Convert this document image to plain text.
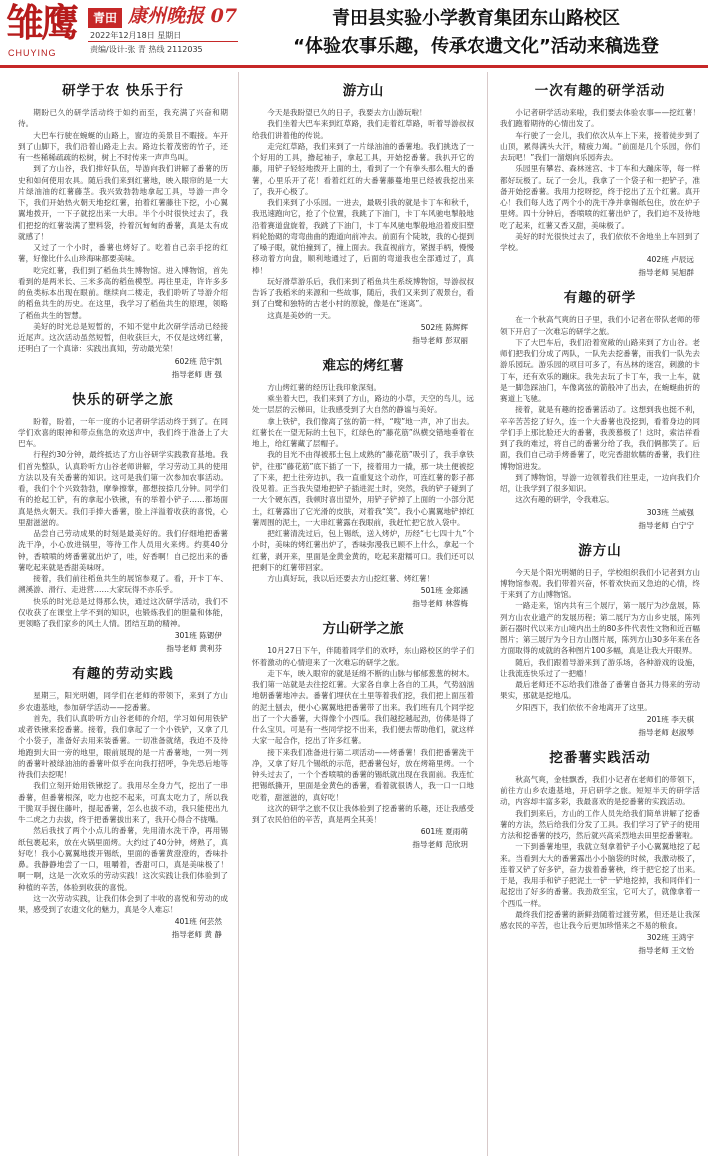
雏鹰
CHUYING
青田 康州晚报 07
2022年12月18日 星期日
责编/设计:张 青 热线 2112035
青田县实验小学教育集团东山路校区
“体验农事乐趣，传承农遗文化”活动来稿选登
研学于农 快乐于行

期盼已久的研学活动终于如约而至，我充满了兴奋和期待。

大巴车行驶在蜿蜒的山路上，窗边的美景目不暇接。车开到了山脚下，我们沿着山路走上去。路边长着茂密的竹子，还有一些稀稀疏疏的松树，树上不时传来一声声鸟叫。

到了方山谷，我们排好队伍，导游向我们讲解了番薯的历史和如何使用农具。随后我们来到红薯地，映入眼帘的是一大片绿油油的红薯藤茎。我兴致勃勃地拿起工具，导游一声令下，我们开始热火朝天地挖红薯，拍着红薯藤往下挖，小心翼翼地拨开，一下子就挖出来一大串。半个小时很快过去了，我们把挖的红薯装满了塑料袋，拎着沉甸甸的番薯，真是太有成就感了！

又过了一个小时，番薯也烤好了。吃着自己亲手挖的红薯，好像比什么山珍海味都要美味。

吃完红薯，我们到了稻鱼共生博物馆。进入博物馆，首先看到的是两米长、三米多高的稻鱼模型。再往里走，许许多多的鱼类标本出现在眼前。继续向二楼走，我们聆听了导游介绍的稻鱼共生的历史。在这里，我学习了稻鱼共生的原理，领略了稻鱼共生的智慧。

美好的时光总是短暂的，不知不觉中此次研学活动已经接近尾声。这次活动虽然短暂，但收获巨大，不仅是这烤红薯，还明白了一个真谛：实践出真知，劳动最光荣！

602班 范宇凯
指导老师 唐 强
快乐的研学之旅

盼着，盼着，一年一度的小记者研学活动终于到了。在同学们欢喜的眼神和带点焦急的欢送声中，我们终于准备上了大巴车。

行程约30分钟，最终抵达了方山谷研学实践教育基地。我们首先整队，认真聆听方山谷老师讲解，学习劳动工具的使用方法以及有关番薯的知识。这可是我们第一次参加农事活动。看，我们个个兴致勃勃，摩拳擦掌，都想按捺几分钟。同学们有的抢起工铲，有的拿起小铁锹，有的举着小铲子……都场面真是热火朝天。我们手捧大番薯，脸上洋溢着收获的喜悦，心里甜滋滋的。

品尝自己劳动成果的时刻是最美好的。我们仔细地把番薯洗干净，小心放进锅里，等待工作人员用火来烤。约莫40分钟，香喷喷的烤番薯就出炉了，哇，好香啊！自己挖出来的番薯吃起来就是香甜美味呀。

接着，我们前往稻鱼共生的展馆参观了。看，开卡丁车、溯溪游、滑行、走进营……大家玩得不亦乐乎。

快乐的时光总是过得那么快，通过这次研学活动，我们不仅收获了在课堂上学不到的知识，也锻炼我们的胆量和体能，更领略了我们家乡的风土人情。团结互助的精神。

301班 陈锶伊
指导老师 黄利芬
有趣的劳动实践

星期三，阳光明媚，同学们在老师的带领下，来到了方山乡农遗基地，参加研学活动——挖番薯。

首先，我们认真聆听方山谷老师的介绍，学习如何用铁铲或者铁锹来挖番薯。接着，我们拿起了一个小铁铲，又拿了几个小袋子，准备好去用来装番薯。一切准备就绪，我迫不及待地跑到大田一旁的地里，眼前展现的是一片番薯地，一列一列的番薯叶被绿油油的番薯叶似乎在向我打招呼，争先恐后地等待我们去挖呢！

我们立刻开始用铁锹挖了。我用尽全身力气，挖出了一串番薯，但番薯根深，吃力也挖不起来，可真太吃力了，所以我干脆双手握住藤叶，提起番薯，怎么也拔不动，我只能使出九牛二虎之力去拔，终于把番薯拔出来了，我开心得合不拢嘴。

然后我找了两个小点儿的番薯，先用清水洗干净，再用锡纸包裹起来，放在火锅里面烤。大约过了40分钟，烤熟了，真好吃！我小心翼翼地拨开锡纸，里面的番薯黄澄澄的，香味扑鼻。我静静地尝了一口，咀嚼着，香甜可口，真是美味极了！啊一啊，这是一次欢乐的劳动实践！这次实践让我们体验到了种植的辛苦，体验到收获的喜悦。

这一次劳动实践，让我们体会到了丰收的喜悦和劳动的成果，感受到了农遗文化的魅力，真是令人难忘！

401班 何芸然
指导老师 黄 静
游方山

今天是我盼望已久的日子，我要去方山游玩啦！

我们坐着大巴车来到红草路，我们走着红草路，听着导游叔叔给我们讲着他的传说。

走完红草路，我们来到了一片绿油油的番薯地。我们挑选了一个好用的工具，撸起袖子，拿起工具，开始挖番薯。我扒开它的藤，用铲子轻轻地拨开上面的土，看到了一个有拳头那么粗大的番薯，心里乐开了花！看着红红的大番薯藤蔓地里已经被我挖出来了，我开心极了。

我们来到了小乐园。一进去，最吸引我的就是卡丁车和秋千，我迅速跑向它，抢了个位置，我跳了下油门，卡丁车风驰电掣般地沿着赛道盘旋着，我跳了下油门，卡丁车风驰电掣般地沿着废旧塑料轮胎砌的弯弯曲曲的跑道向前冲去。前面有个陡坡，我的心提到了嗓子眼，就怕撞到了，撞上面去。我直视前方，紧握手柄，慢慢移动着方向盘，顺利地通过了，后面的弯道我也全部通过了，真棒！

玩好滑草游乐后，我们来到了稻鱼共生系统博物馆，导游叔叔告诉了我稻米的来源和一些故事，随后，我们又来到了观景台，看到了白鹭和独特的古老小村的原貌，像是在“迷离”。

这真是美妙的一天。

502班 陈辉辉
指导老师 彭双丽
难忘的烤红薯

方山烤红薯的经历让我印象深刻。

乘坐着大巴，我们来到了方山，路边的小草，天空的鸟儿，远处一层层的云梯田，让我感受到了大自然的静谧与美好。

拿上铁铲，我们像离了弦的箭一样，“嗖”地一声，冲了出去。红薯长在一望无际的土包下，红绿色的“藤花筋”纵横交错地垂着在地上，给红薯藏了层帽子。

我的目光不由得被那土包上成熟的“藤花筋”吸引了，我手拿铁铲，往那“藤花筋”底下插了一下，接着用力一撬，那一块土便被挖了下来，把土往旁边扒，我一直重复这个动作，可连红薯的影子都没见着。正当我失望地把铲子插进泥土时，突然，我的铲子碰到了一大个硬东西，我顿时喜出望外，用铲子铲掉了上面的一小部分泥土，红薯露出了它光滑的皮肤，对着我“笑”。我小心翼翼地铲掉红薯周围的泥土，一大串红薯露在我眼前，我赶忙把它放入袋中。

把红薯清洗过后，包上锡纸，送入烤炉，历经“七七四十九”个小时，美味的烤红薯出炉了，香味弥漫我已顾不上什么，拿起一个红薯，剥开来，里面是金黄金黄的，吃起来甜糯可口。我们还可以把剩下的红薯带回家。

方山真好玩，我以后还要去方山挖红薯、烤红薯！

501班 金郑涵
指导老师 林蓉梅
方山研学之旅

10月27日下午，伴随着同学们的欢呼，东山路校区的学子们怀着激动的心情迎来了一次难忘的研学之旅。

走下车，映入眼帘的就是延绵不断的山脉与郁郁葱葱的树木。我们第一站就是去往挖红薯。大家各自拿上各自的工具，气势汹汹地朝番薯地冲去。番薯们埋伏在土里等着我们挖，我们把上面压着的泥土刨去，便小心翼翼地把番薯带了出来。我们班有几个同学挖出了一个大番薯，大得像个小西瓜。我们越挖越起劲，仿佛是得了什么宝贝。可是有一些同学挖不出来，我们便去帮助他们，就这样大家一起合作，挖出了许多红薯。

接下来我们准备进行第二项活动——烤番薯！我们把番薯洗干净，又拿了好几个锡纸的示范，把番薯包好，放在烤箱里烤。一个钟头过去了，一个个香喷喷的番薯的锡纸就出现在我面前。我连忙把锡纸撕开，里面是金黄色的番薯，看着就很诱人，我一口一口地吃着，甜滋滋的，真好吃！

这次的研学之旅不仅让我体验到了挖番薯的乐趣，还让我感受到了农民伯伯的辛苦，真是两全其美！

601班 夏雨萌
指导老师 范欣玥
一次有趣的研学活动

小记者研学活动来啦，我们要去体验农事——挖红薯！我们跑着期待的心情出发了。

车行驶了一会儿，我们依次从车上下来，接着徒步到了山顶，累得满头大汗，精疲力竭。“前面是几个乐园，你们去玩吧！”我们一溜烟向乐园奔去。

乐园里有攀岩、森林迷宫、卡丁车和大蹦床等，每一样都好玩极了。玩了一会儿，我拿了一个袋子和一把铲子，准备开始挖番薯。我用力挖呀挖，终于挖出了五个红薯。真开心！我们每人选了两个小的洗干净并拿锡纸包住，放在炉子里烤。四十分钟后，香喷喷的红薯出炉了，我们迫不及待地吃了起来，红薯又香又甜，美味极了。

美好的时光很快过去了，我们依依不舍地坐上车回到了学校。

402班 卢辰远
指导老师 吴旭群
有趣的研学

在一个秋高气爽的日子里，我们小记者在带队老师的带领下开启了一次难忘的研学之旅。

下了大巴车后，我们沿着宽敞的山路来到了方山谷。老师们把我们分成了两队，一队先去挖番薯，而我们一队先去游乐园玩。游乐园的项目可多了，有丛林的迷宫，刺激的卡丁车，还有欢乐的蹦床。我先去玩了卡丁车，我一上车，就是一脚急踩油门，车像离弦的箭般冲了出去，在蜿蜒曲折的赛道上飞驰。

接着，就是有趣的挖番薯活动了。这想到我也挺不利，辛辛苦苦挖了好久，连一个大番薯也没挖到，看着身边的同学们手上那比脸还大的番薯，我羡慕极了！这时，索洁祥看到了我的难过，将自己的番薯分给了我，我们俩都笑了。后面，我们自己动手烤番薯了，吃完香甜软糯的番薯，我们往博物馆进发。

到了博物馆，导游一边领着我们往里走，一边向我们介绍，让我学到了很多知识。

这次有趣的研学，令我难忘。

303班 兰威强
指导老师 白宁宁
游方山

今天是个阳光明媚的日子，学校组织我们小记者到方山博物馆参观。我们带着兴奋，怀着欢快而又急迫的心情，终于来到了方山博物馆。

一路走来，馆内共有三个展厅，第一展厅为沙盘展，陈列方山农业遗产的发展历程；第二展厅为方山乡史展，陈列新石器时代以来方山境内出土的80多件代表性文物和近百幅图片；第三展厅为今日方山图片展，陈列方山30多年来在各方面取得的成就的各种图片100多幅，真是让我大开眼界。

随后，我们跟着导游来到了游乐场，各种游戏的设施，让我流连快乐过了一把瘾！

最后老师还不忘给我们准备了番薯自备其力得来的劳动果实，那就是挖地瓜。

夕阳西下，我们依依不舍地离开了这里。

201班 李天棋
指导老师 赵淑琴
挖番薯实践活动

秋高气爽，金桂飘香，我们小记者在老师们的带领下，前往方山乡农遗基地，开启研学之旅。短短半天的研学活动，内容却丰富多彩，我最喜欢的是挖番薯的实践活动。

我们到来后，方山的工作人员先给我们简单讲解了挖番薯的方法，然后给我们分发了工具。我们学习了铲子的使用方法和挖番薯的技巧，然后就兴高采烈地去田里挖番薯啦。

一下到番薯地里，我就立刻拿着铲子小心翼翼地挖了起来。当看到大大的番薯露出小小脑袋的时候，我激动极了，连着又铲了好多铲，奋力拔着番薯秧，终于把它挖了出来。于是，我用手和铲子把泥土一铲一铲地挖掉，我和同伴们一起挖出了好多的番薯。我劲敌至宝，它可大了，就像拿着一个西瓜一样。

最终我们挖番薯的新鲜劲随着过渡劳累，但还是让我深感农民的辛苦，也让我今后更加珍惜来之不易的粮食。

302班 王鸿宇
指导老师 王文怡
